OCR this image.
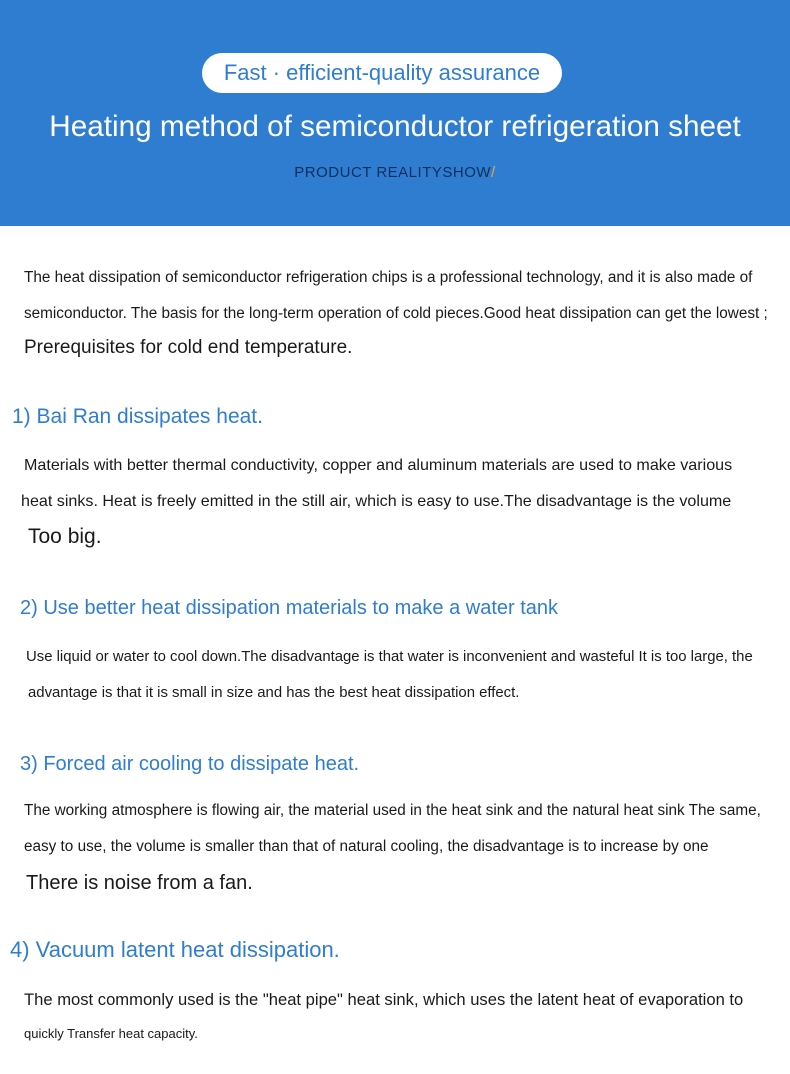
Fast · efficient-quality assurance
Heating method of semiconductor refrigeration sheet
PRODUCT REALITYSHOW/
The heat dissipation of semiconductor refrigeration chips is a professional technology, and it is also made of
semiconductor. The basis for the long-term operation of cold pieces.Good heat dissipation can get the lowest ;
Prerequisites for cold end temperature.
1) Bai Ran dissipates heat.
Materials with better thermal conductivity, copper and aluminum materials are used to make various
heat sinks. Heat is freely emitted in the still air, which is easy to use.The disadvantage is the volume
Too big.
2) Use better heat dissipation materials to make a water tank
Use liquid or water to cool down.The disadvantage is that water is inconvenient and wasteful It is too large, the
advantage is that it is small in size and has the best heat dissipation effect.
3) Forced air cooling to dissipate heat.
The working atmosphere is flowing air, the material used in the heat sink and the natural heat sink The same,
easy to use, the volume is smaller than that of natural cooling, the disadvantage is to increase by one
There is noise from a fan.
4) Vacuum latent heat dissipation.
The most commonly used is the "heat pipe" heat sink, which uses the latent heat of evaporation to
quickly Transfer heat capacity.
